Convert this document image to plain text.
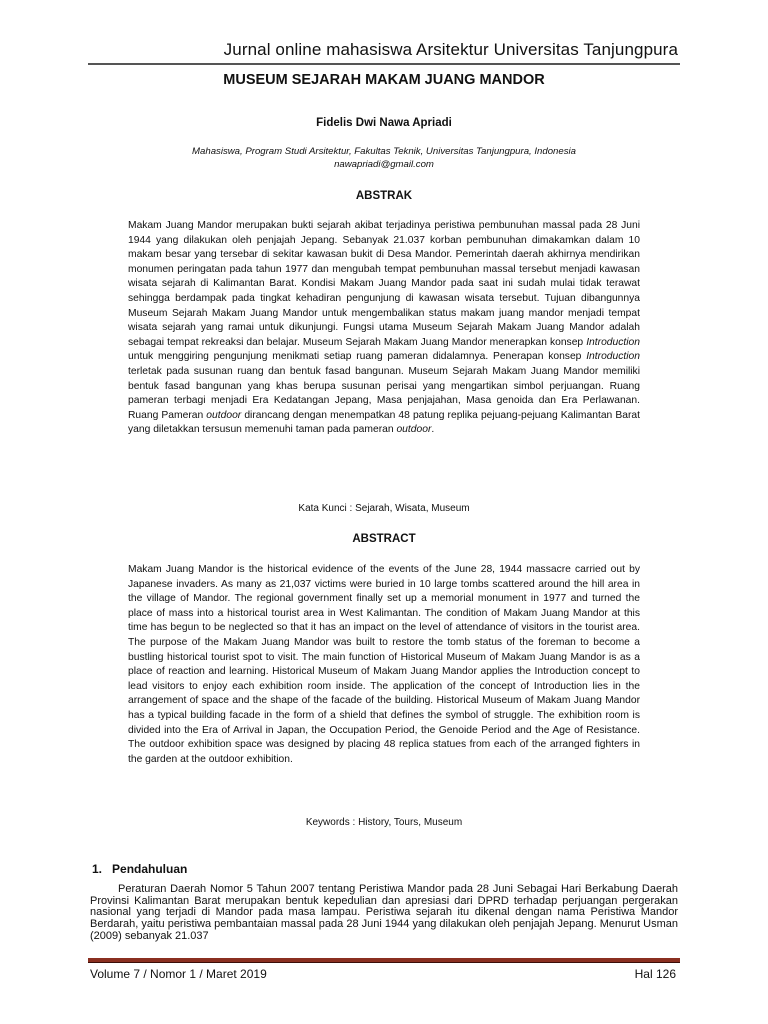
Jurnal online mahasiswa Arsitektur Universitas Tanjungpura
MUSEUM SEJARAH MAKAM JUANG MANDOR
Fidelis Dwi Nawa Apriadi
Mahasiswa, Program Studi Arsitektur, Fakultas Teknik, Universitas Tanjungpura, Indonesia
nawapriadi@gmail.com
ABSTRAK
Makam Juang Mandor merupakan bukti sejarah akibat terjadinya peristiwa pembunuhan massal pada 28 Juni 1944 yang dilakukan oleh penjajah Jepang. Sebanyak 21.037 korban pembunuhan dimakamkan dalam 10 makam besar yang tersebar di sekitar kawasan bukit di Desa Mandor. Pemerintah daerah akhirnya mendirikan monumen peringatan pada tahun 1977 dan mengubah tempat pembunuhan massal tersebut menjadi kawasan wisata sejarah di Kalimantan Barat. Kondisi Makam Juang Mandor pada saat ini sudah mulai tidak terawat sehingga berdampak pada tingkat kehadiran pengunjung di kawasan wisata tersebut. Tujuan dibangunnya Museum Sejarah Makam Juang Mandor untuk mengembalikan status makam juang mandor menjadi tempat wisata sejarah yang ramai untuk dikunjungi. Fungsi utama Museum Sejarah Makam Juang Mandor adalah sebagai tempat rekreaksi dan belajar. Museum Sejarah Makam Juang Mandor menerapkan konsep Introduction untuk menggiring pengunjung menikmati setiap ruang pameran didalamnya. Penerapan konsep Introduction terletak pada susunan ruang dan bentuk fasad bangunan. Museum Sejarah Makam Juang Mandor memiliki bentuk fasad bangunan yang khas berupa susunan perisai yang mengartikan simbol perjuangan. Ruang pameran terbagi menjadi Era Kedatangan Jepang, Masa penjajahan, Masa genoida dan Era Perlawanan. Ruang Pameran outdoor dirancang dengan menempatkan 48 patung replika pejuang-pejuang Kalimantan Barat yang diletakkan tersusun memenuhi taman pada pameran outdoor.
Kata Kunci : Sejarah, Wisata, Museum
ABSTRACT
Makam Juang Mandor is the historical evidence of the events of the June 28, 1944 massacre carried out by Japanese invaders. As many as 21,037 victims were buried in 10 large tombs scattered around the hill area in the village of Mandor. The regional government finally set up a memorial monument in 1977 and turned the place of mass into a historical tourist area in West Kalimantan. The condition of Makam Juang Mandor at this time has begun to be neglected so that it has an impact on the level of attendance of visitors in the tourist area. The purpose of the Makam Juang Mandor was built to restore the tomb status of the foreman to become a bustling historical tourist spot to visit. The main function of Historical Museum of Makam Juang Mandor is as a place of reaction and learning. Historical Museum of Makam Juang Mandor applies the Introduction concept to lead visitors to enjoy each exhibition room inside. The application of the concept of Introduction lies in the arrangement of space and the shape of the facade of the building. Historical Museum of Makam Juang Mandor has a typical building facade in the form of a shield that defines the symbol of struggle. The exhibition room is divided into the Era of Arrival in Japan, the Occupation Period, the Genoide Period and the Age of Resistance. The outdoor exhibition space was designed by placing 48 replica statues from each of the arranged fighters in the garden at the outdoor exhibition.
Keywords : History, Tours, Museum
1.   Pendahuluan
Peraturan Daerah Nomor 5 Tahun 2007 tentang Peristiwa Mandor pada 28 Juni Sebagai Hari Berkabung Daerah Provinsi Kalimantan Barat merupakan bentuk kepedulian dan apresiasi dari DPRD terhadap perjuangan pergerakan nasional yang terjadi di Mandor pada masa lampau. Peristiwa sejarah itu dikenal dengan nama Peristiwa Mandor Berdarah, yaitu peristiwa pembantaian massal pada 28 Juni 1944 yang dilakukan oleh penjajah Jepang. Menurut Usman (2009) sebanyak 21.037
Volume 7 / Nomor 1 / Maret 2019	Hal 126
